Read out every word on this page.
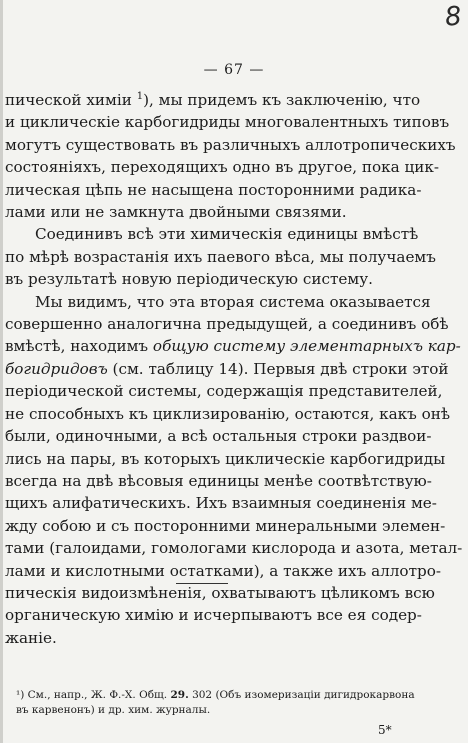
8
— 67 —

пической химіи $^1$), мы придемъ къ заключенію, что
и циклическіе карбогидриды многовалентныхъ типовъ
могутъ существовать въ различныхъ аллотропическихъ
состояніяхъ, переходящихъ одно въ другое, пока цик-
лическая цѣпь не насыщена посторонними радика-
лами или не замкнута двойными связями.

Соединивъ всѣ эти химическія единицы вмѣстѣ
по мѣрѣ возрастанія ихъ паевого вѣса, мы получаемъ
въ результатѣ новую періодическую систему.

Мы видимъ, что эта вторая система оказывается
совершенно аналогична предыдущей, а соединивъ обѣ
вмѣстѣ, находимъ общую систему элементарныхъ кар-
богидридовъ (см. таблицу 14). Первыя двѣ строки этой
періодической системы, содержащія представителей,
не способныхъ къ циклизированію, остаются, какъ онѣ
были, одиночными, а всѣ остальныя строки раздвои-
лись на пары, въ которыхъ циклическіе карбогидриды
всегда на двѣ вѣсовыя единицы менѣе соотвѣтствую-
щихъ алифатическихъ. Ихъ взаимныя соединенія ме-
жду собою и съ посторонними минеральными элемен-
тами (галоидами, гомологами кислорода и азота, метал-
лами и кислотными остатками), а также ихъ аллотро-
пическія видоизмѣненія, охватываютъ цѣликомъ всю
органическую химію и исчерпываютъ все ея содер-
жаніе.

¹) См., напр., Ж. Ф.-Х. Общ. 29. 302 (Объ изомеризаціи дигидрокарвона
въ карвенонъ) и др. хим. журналы.
5*
